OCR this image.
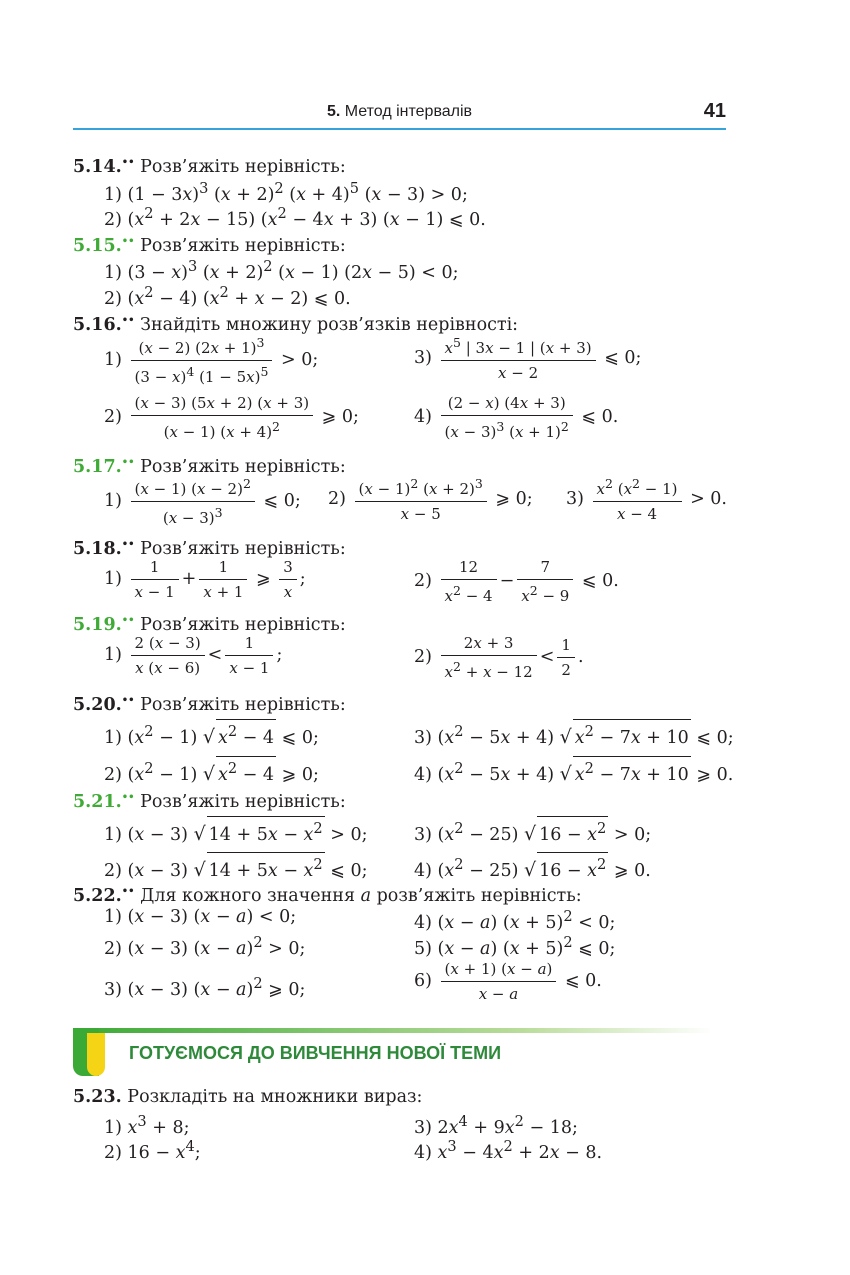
5. Метод інтервалів	41
5.14.•• Розв’яжіть нерівність:
1) $(1 - 3x)^3$ $(x + 2)^2$ $(x + 4)^5$ (x − 3) > 0;
2) $(x^2 + 2x - 15) (x^2 - 4x + 3) (x - 1)$ ⩽ 0.
5.15.•• Розв’яжіть нерівність:
1) $(3 - x)^3$ $(x + 2)^2$ (x − 1) (2x − 5) < 0;
2) $(x^2 - 4) (x^2 + x - 2)$ ⩽ 0.
5.16.•• Знайдіть множину розв’язків нерівності:
$1) \frac{(x - 2) (2x + 1)^3}{(3 - x)^4 (1 - 5x)^5} > 0$;	$3) \frac{x^5 | 3x - 1 | (x + 3)}{x - 2}$ ⩽ 0;
$2) \frac{(x - 3) (5x + 2) (x + 3)}{(x - 1) (x + 4)^2}$ ⩾ 0;	$4) \frac{(2 - x) (4x + 3)}{(x - 3)^3 (x + 1)^2}$ ⩽ 0.
5.17.•• Розв’яжіть нерівність:
$1) \frac{(x - 1) (x - 2)^2}{(x - 3)^3}$ ⩽ 0; $2) \frac{(x - 1)^2 (x + 2)^3}{x - 5}$ ⩾ 0; $3) \frac{x^2 (x^2 - 1)}{x - 4} > 0$.
5.18.•• Розв’яжіть нерівність:
$1) \frac{1}{x - 1} + \frac{1}{x + 1}$ ⩾ $\frac{3}{x}$ ;	$2) \frac{12}{x^2 - 4} - \frac{7}{x^2 - 9}$ ⩽ 0.
5.19.•• Розв’яжіть нерівність:
$1) \frac{2 (x - 3)}{x (x - 6)} < \frac{1}{x - 1}$ ;	$2) \frac{2x + 3}{x^2 + x - 12} < \frac{1}{2}$ .
5.20.•• Розв’яжіть нерівність:
1) $(x^2 - 1)$ √ $x^2 - 4$ ⩽ 0;	3) $(x^2 - 5x + 4)$ √ $x^2 - 7x + 10$ ⩽ 0;
2) $(x^2 - 1)$ √ $x^2 - 4$ ⩾ 0;	4) $(x^2 - 5x + 4)$ √ $x^2 - 7x + 10$ ⩾ 0.
5.21.•• Розв’яжіть нерівність:
1) (x − 3) √ $14 + 5x - x^2 > 0$;	3) $(x^2 - 25)$ √ $16 - x^2 > 0$;
2) (x − 3) √ $14 + 5x - x^2$ ⩽ 0;	4) $(x^2 - 25)$ √ $16 - x^2$ ⩾ 0.
5.22.•• Для кожного значення a розв’яжіть нерівність:
1) (x − 3) (x − a) < 0;	4) (x − a) $(x + 5)^2 < 0$;
2) (x − 3) $(x - a)^2 > 0$;	5) (x − a) $(x + 5)^2$ ⩽ 0;
3) (x − 3) $(x - a)^2$ ⩾ 0;	$6) \frac{(x + 1) (x - a)}{x - a}$ ⩽ 0.
5.23. Розкладіть на множники вираз:
1) $x^3 + 8$;	3) $2x^4 + 9x^2 - 18$;
2) $16 - x^4$;	4) $x^3 - 4x^2 + 2x - 8$.
ГОТУЄМОСЯ ДО ВИВЧЕННЯ НОВОЇ ТЕМИ
